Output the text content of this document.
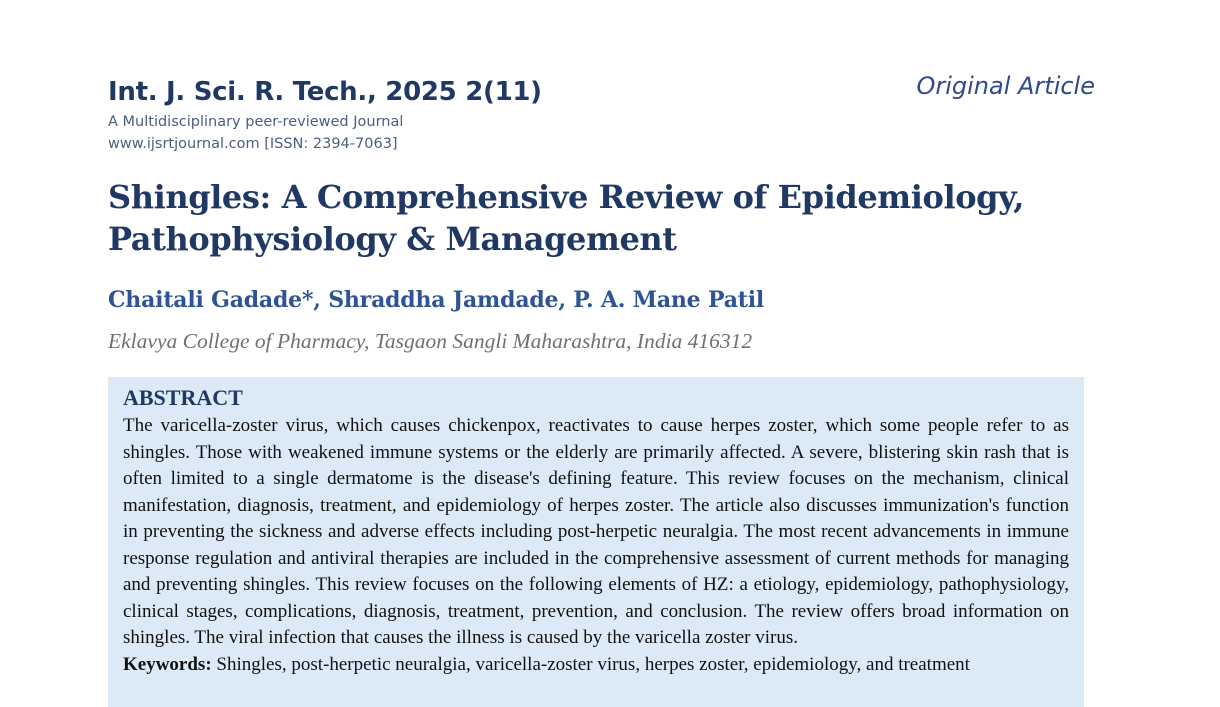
Int. J. Sci. R. Tech., 2025 2(11)	Original Article
A Multidisciplinary peer-reviewed Journal
www.ijsrtjournal.com [ISSN: 2394-7063]
Shingles: A Comprehensive Review of Epidemiology, Pathophysiology & Management
Chaitali Gadade*, Shraddha Jamdade, P. A. Mane Patil
Eklavya College of Pharmacy, Tasgaon Sangli Maharashtra, India 416312
ABSTRACT

The varicella-zoster virus, which causes chickenpox, reactivates to cause herpes zoster, which some people refer to as shingles. Those with weakened immune systems or the elderly are primarily affected. A severe, blistering skin rash that is often limited to a single dermatome is the disease's defining feature. This review focuses on the mechanism, clinical manifestation, diagnosis, treatment, and epidemiology of herpes zoster. The article also discusses immunization's function in preventing the sickness and adverse effects including post-herpetic neuralgia. The most recent advancements in immune response regulation and antiviral therapies are included in the comprehensive assessment of current methods for managing and preventing shingles. This review focuses on the following elements of HZ: a etiology, epidemiology, pathophysiology, clinical stages, complications, diagnosis, treatment, prevention, and conclusion. The review offers broad information on shingles. The viral infection that causes the illness is caused by the varicella zoster virus.

Keywords: Shingles, post-herpetic neuralgia, varicella-zoster virus, herpes zoster, epidemiology, and treatment
